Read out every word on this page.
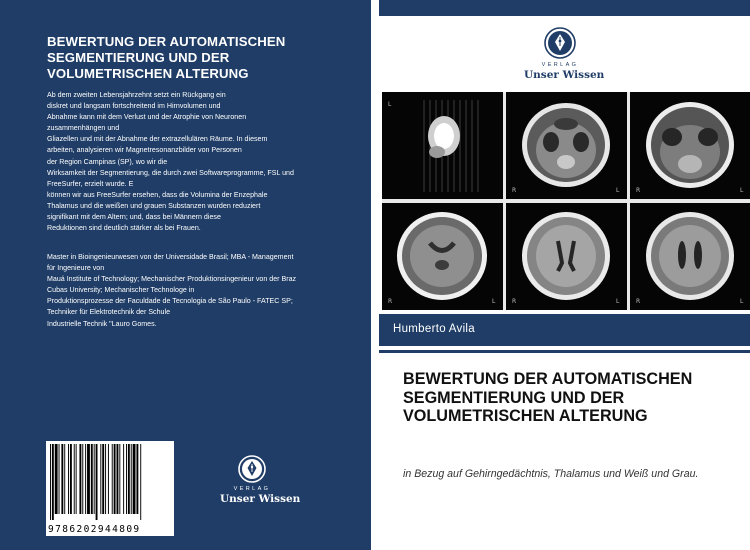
BEWERTUNG DER AUTOMATISCHEN SEGMENTIERUNG UND DER VOLUMETRISCHEN ALTERUNG
Ab dem zweiten Lebensjahrzehnt setzt ein Rückgang ein
diskret und langsam fortschreitend im Hirnvolumen und
Abnahme kann mit dem Verlust und der Atrophie von Neuronen
zusammenhängen und
Gliazellen und mit der Abnahme der extrazellulären Räume. In diesem
arbeiten, analysieren wir Magnetresonanzbilder von Personen
der Region Campinas (SP), wo wir die
Wirksamkeit der Segmentierung, die durch zwei Softwareprogramme, FSL und
FreeSurfer, erzielt wurde. E
können wir aus FreeSurfer ersehen, dass die Volumina der Enzephale
Thalamus und die weißen und grauen Substanzen wurden reduziert
signifikant mit dem Altern; und, dass bei Männern diese
Reduktionen sind deutlich stärker als bei Frauen.
Master in Bioingenieurwesen von der Universidade Brasil; MBA - Management
für Ingenieure von
Mauá Institute of Technology; Mechanischer Produktionsingenieur von der Braz
Cubas University; Mechanischer Technologe in
Produktionsprozesse der Faculdade de Tecnologia de São Paulo - FATEC SP;
Techniker für Elektrotechnik der Schule
Industrielle Technik "Lauro Gomes.
9786202944809
VERLAG
Unser Wissen
VERLAG
Unser Wissen
L
R	L	R	L
R	L	R	L	R	L
Humberto Avila
BEWERTUNG DER AUTOMATISCHEN SEGMENTIERUNG UND DER VOLUMETRISCHEN ALTERUNG
in Bezug auf Gehirngedächtnis, Thalamus und Weiß und Grau.
